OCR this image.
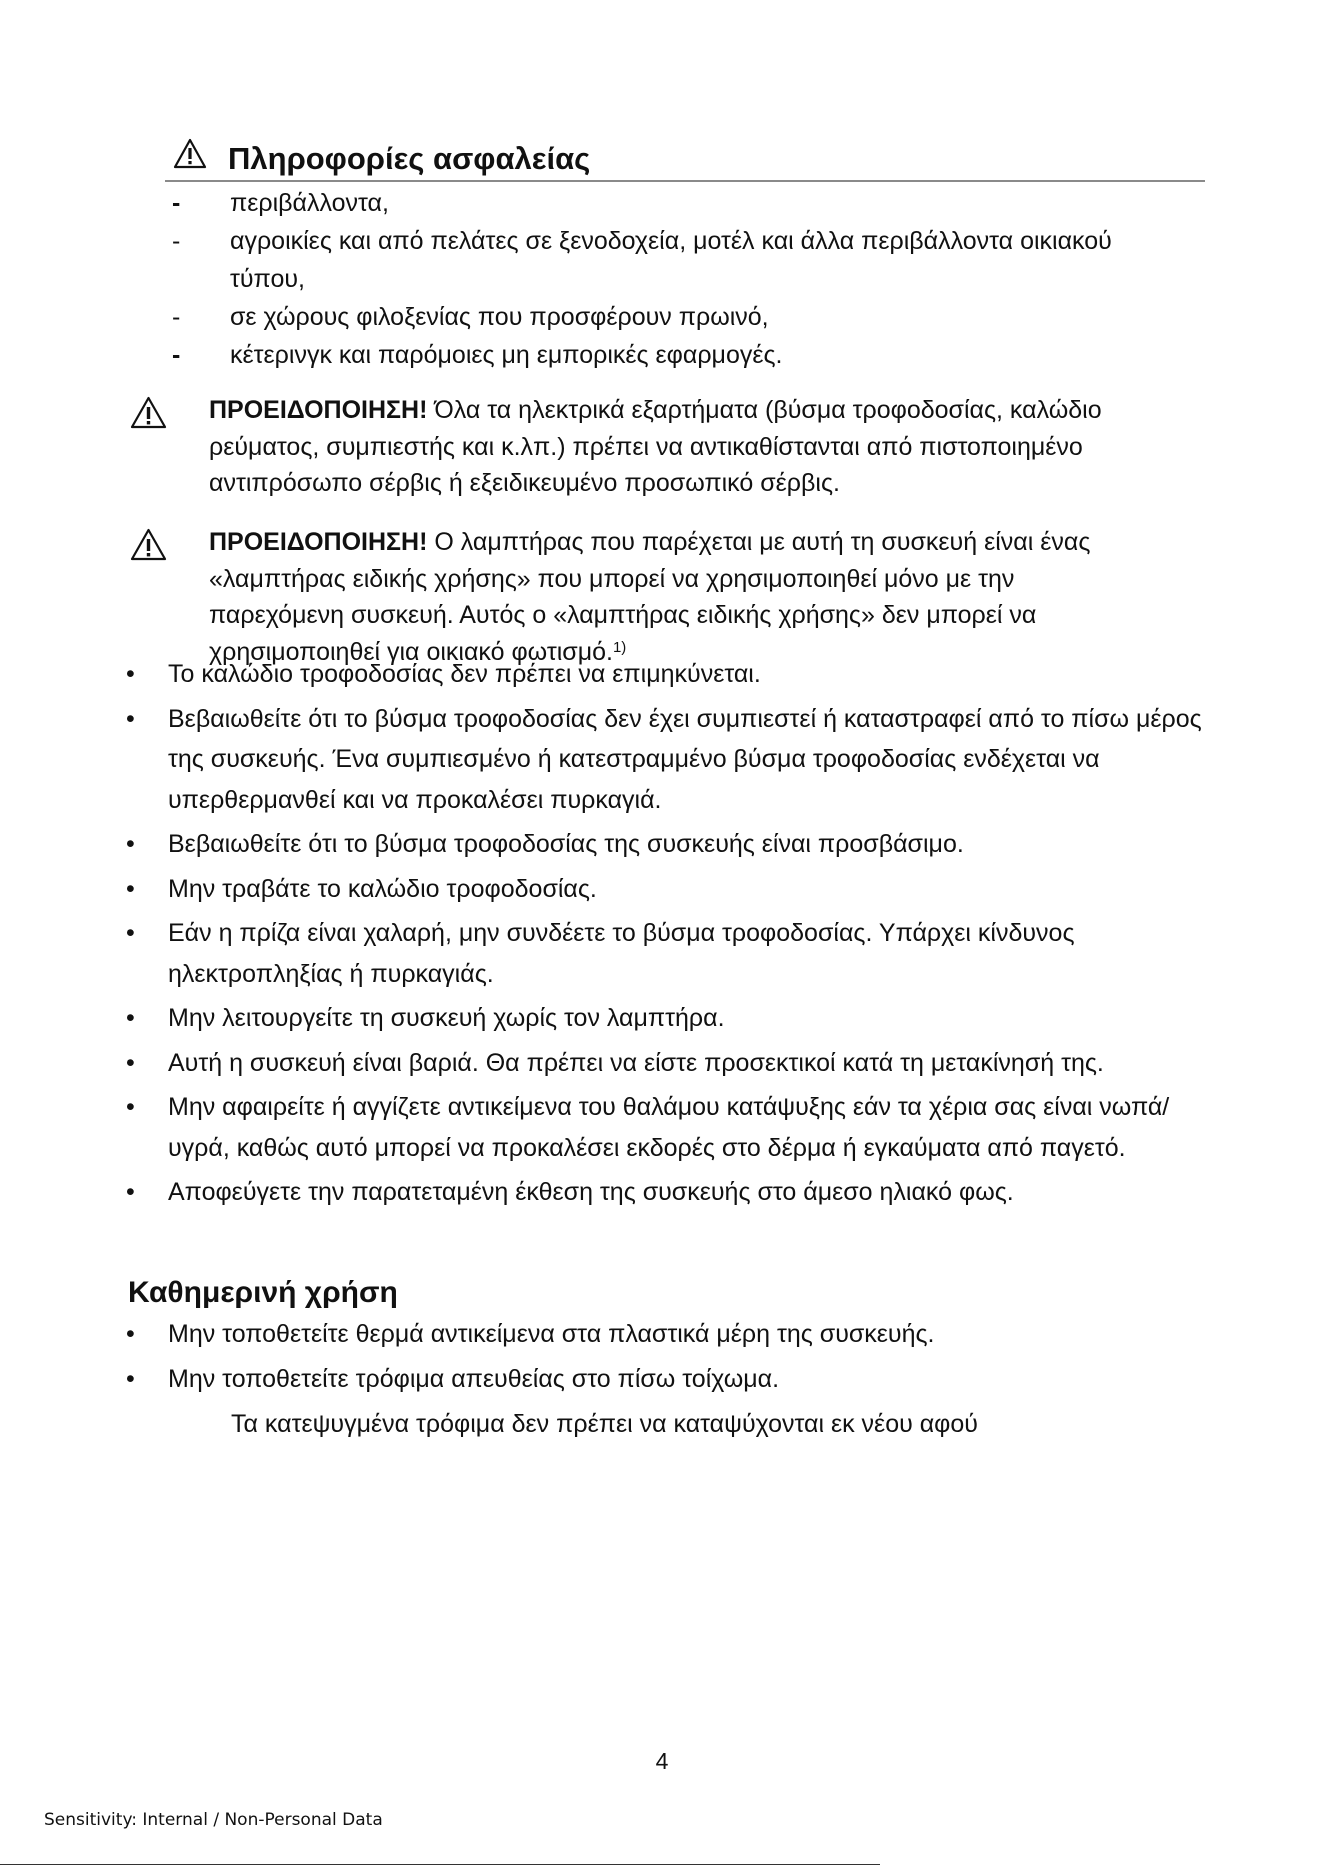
Πληροφορίες ασφαλείας
-	περιβάλλοντα,
-	αγροικίες και από πελάτες σε ξενοδοχεία, μοτέλ και άλλα περιβάλλοντα οικιακού τύπου,
-	σε χώρους φιλοξενίας που προσφέρουν πρωινό,
-	κέτερινγκ και παρόμοιες μη εμπορικές εφαρμογές.
ΠΡΟΕΙΔΟΠΟΙΗΣΗ! Όλα τα ηλεκτρικά εξαρτήματα (βύσμα τροφοδοσίας, καλώδιο ρεύματος, συμπιεστής και κ.λπ.) πρέπει να αντικαθίστανται από πιστοποιημένο αντιπρόσωπο σέρβις ή εξειδικευμένο προσωπικό σέρβις.
ΠΡΟΕΙΔΟΠΟΙΗΣΗ! Ο λαμπτήρας που παρέχεται με αυτή τη συσκευή είναι ένας «λαμπτήρας ειδικής χρήσης» που μπορεί να χρησιμοποιηθεί μόνο με την παρεχόμενη συσκευή. Αυτός ο «λαμπτήρας ειδικής χρήσης» δεν μπορεί να χρησιμοποιηθεί για οικιακό φωτισμό.$^{1)}$
•	Το καλώδιο τροφοδοσίας δεν πρέπει να επιμηκύνεται.
•	Βεβαιωθείτε ότι το βύσμα τροφοδοσίας δεν έχει συμπιεστεί ή καταστραφεί από το πίσω μέρος της συσκευής. Ένα συμπιεσμένο ή κατεστραμμένο βύσμα τροφοδοσίας ενδέχεται να υπερθερμανθεί και να προκαλέσει πυρκαγιά.
•	Βεβαιωθείτε ότι το βύσμα τροφοδοσίας της συσκευής είναι προσβάσιμο.
•	Μην τραβάτε το καλώδιο τροφοδοσίας.
•	Εάν η πρίζα είναι χαλαρή, μην συνδέετε το βύσμα τροφοδοσίας. Υπάρχει κίνδυνος ηλεκτροπληξίας ή πυρκαγιάς.
•	Μην λειτουργείτε τη συσκευή χωρίς τον λαμπτήρα.
•	Αυτή η συσκευή είναι βαριά. Θα πρέπει να είστε προσεκτικοί κατά τη μετακίνησή της.
•	Μην αφαιρείτε ή αγγίζετε αντικείμενα του θαλάμου κατάψυξης εάν τα χέρια σας είναι νωπά/υγρά, καθώς αυτό μπορεί να προκαλέσει εκδορές στο δέρμα ή εγκαύματα από παγετό.
•	Αποφεύγετε την παρατεταμένη έκθεση της συσκευής στο άμεσο ηλιακό φως.
Καθημερινή χρήση
•	Μην τοποθετείτε θερμά αντικείμενα στα πλαστικά μέρη της συσκευής.
•	Μην τοποθετείτε τρόφιμα απευθείας στο πίσω τοίχωμα.
Τα κατεψυγμένα τρόφιμα δεν πρέπει να καταψύχονται εκ νέου αφού
4
Sensitivity: Internal / Non-Personal Data
